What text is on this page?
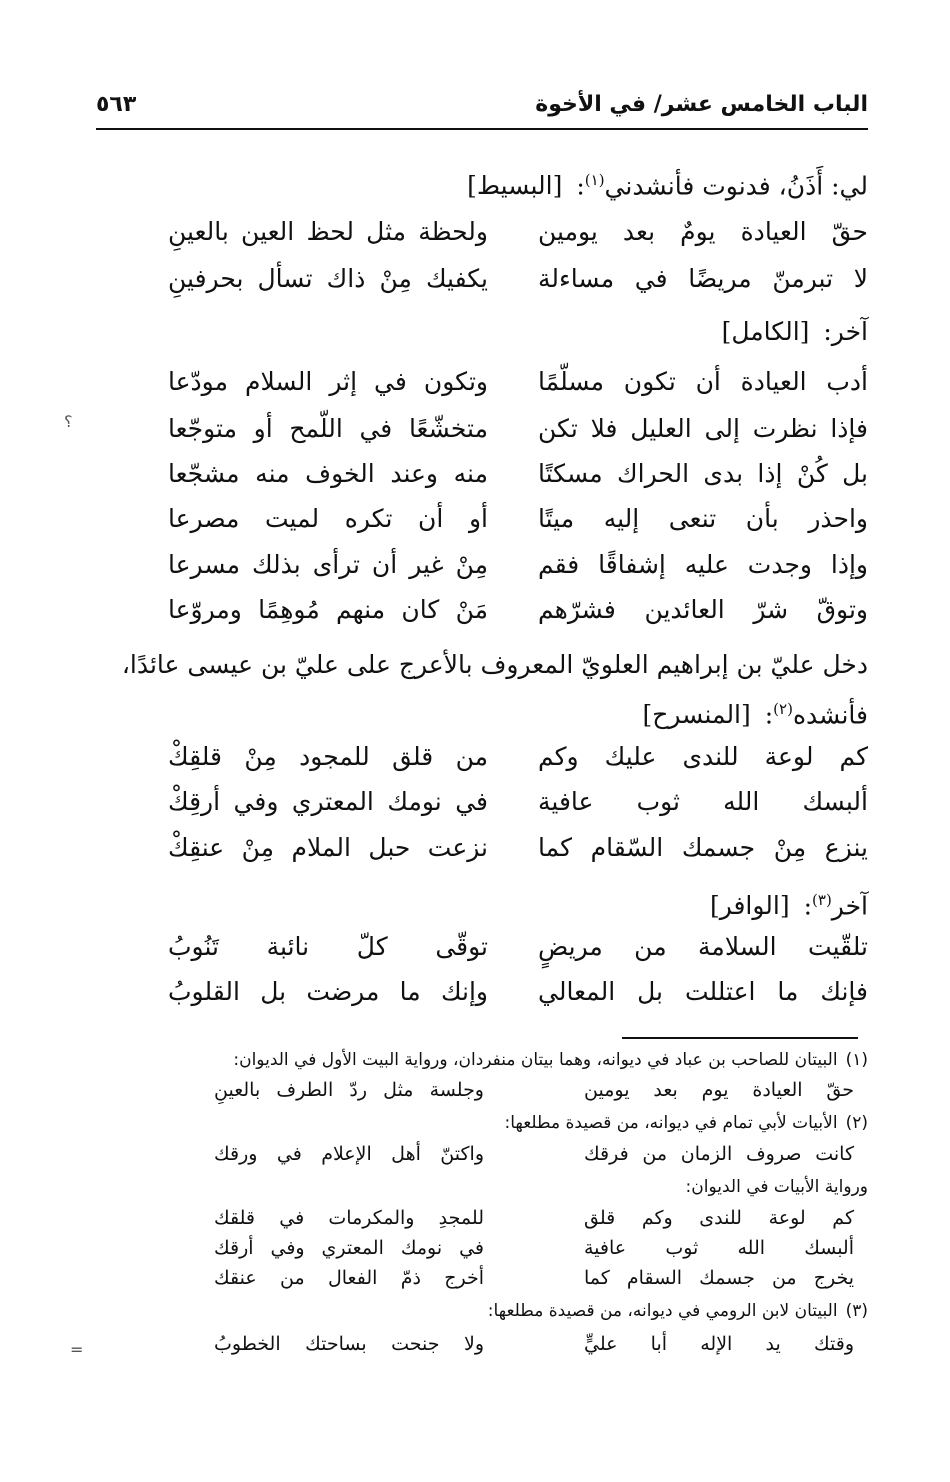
الباب الخامس عشر/ في الأخوة
٥٦٣
لي: أَذَنُ، فدنوت فأنشدني$^{(١)}$: [البسيط]
حقّ العيادة يومٌ بعد يومين
ولحظة مثل لحظ العين بالعينِ
لا تبرمنّ مريضًا في مساءلة
يكفيك مِنْ ذاك تسأل بحرفينِ
آخر: [الكامل]
أدب العيادة أن تكون مسلّمًا
وتكون في إثر السلام مودّعا
فإذا نظرت إلى العليل فلا تكن
متخشّعًا في اللّمح أو متوجّعا
بل كُنْ إذا بدى الحراك مسكتًا
منه وعند الخوف منه مشجّعا
واحذر بأن تنعى إليه ميتًا
أو أن تكره لميت مصرعا
وإذا وجدت عليه إشفاقًا فقم
مِنْ غير أن ترأى بذلك مسرعا
وتوقّ شرّ العائدين فشرّهم
مَنْ كان منهم مُوهِمًا ومروّعا
دخل عليّ بن إبراهيم العلويّ المعروف بالأعرج على عليّ بن عيسى عائدًا،
فأنشده$^{(٢)}$: [المنسرح]
كم لوعة للندى عليك وكم
من قلق للمجود مِنْ قلقِكْ
ألبسك الله ثوب عافية
في نومك المعتري وفي أرقِكْ
ينزع مِنْ جسمك السّقام كما
نزعت حبل الملام مِنْ عنقِكْ
آخر$^{(٣)}$: [الوافر]
تلقّيت السلامة من مريضٍ
توقّى كلّ نائبة تَنُوبُ
فإنك ما اعتللت بل المعالي
وإنك ما مرضت بل القلوبُ
(١)البيتان للصاحب بن عباد في ديوانه، وهما بيتان منفردان، ورواية البيت الأول في الديوان:
حقّ العيادة يوم بعد يومين
وجلسة مثل ردّ الطرف بالعينِ
(٢)الأبيات لأبي تمام في ديوانه، من قصيدة مطلعها:
كانت صروف الزمان من فرقك
واكتنّ أهل الإعلام في ورقك
ورواية الأبيات في الديوان:
كم لوعة للندى وكم قلق
للمجدِ والمكرمات في قلقك
ألبسك الله ثوب عافية
في نومك المعتري وفي أرقك
يخرج من جسمك السقام كما
أخرج ذمّ الفعال من عنقك
(٣)البيتان لابن الرومي في ديوانه، من قصيدة مطلعها:
وقتك يد الإله أبا عليٍّ
ولا جنحت بساحتك الخطوبُ
؟
=
